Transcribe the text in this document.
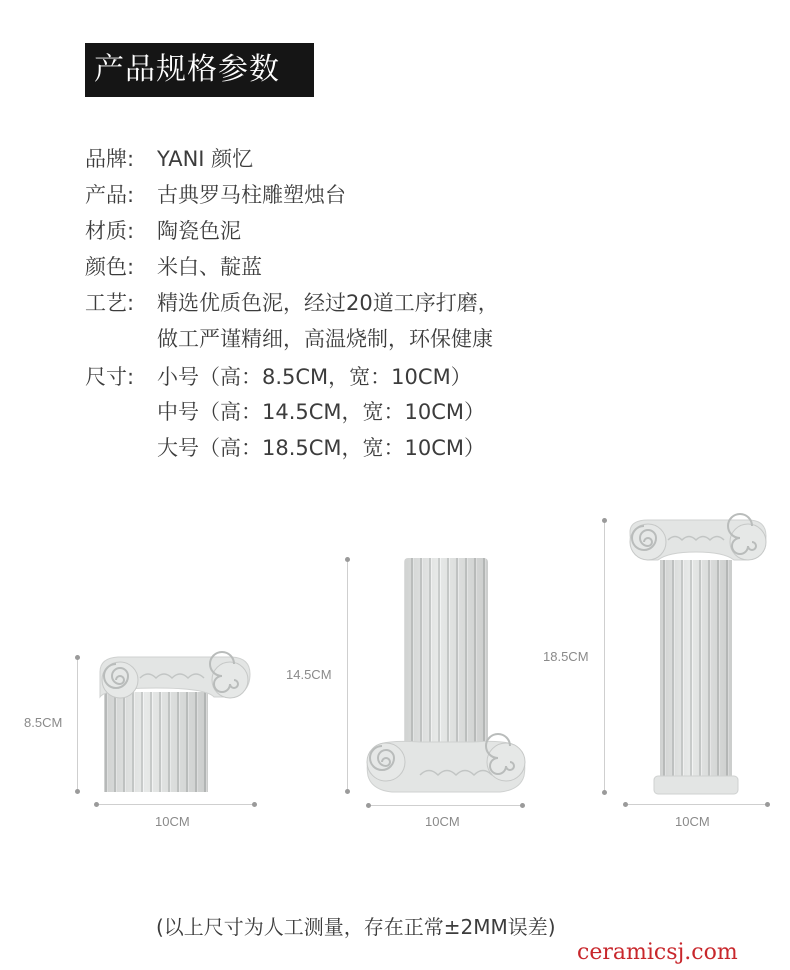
产品规格参数
品牌: YANI 颜忆
产品: 古典罗马柱雕塑烛台
材质: 陶瓷色泥
颜色: 米白、靛蓝
工艺: 精选优质色泥，经过20道工序打磨，
做工严谨精细，高温烧制，环保健康
尺寸: 小号（高：8.5CM，宽：10CM）
中号（高：14.5CM，宽：10CM）
大号（高：18.5CM，宽：10CM）
8.5CM
10CM
14.5CM
10CM
18.5CM
10CM
(以上尺寸为人工测量，存在正常±2MM误差)
ceramicsj.com
